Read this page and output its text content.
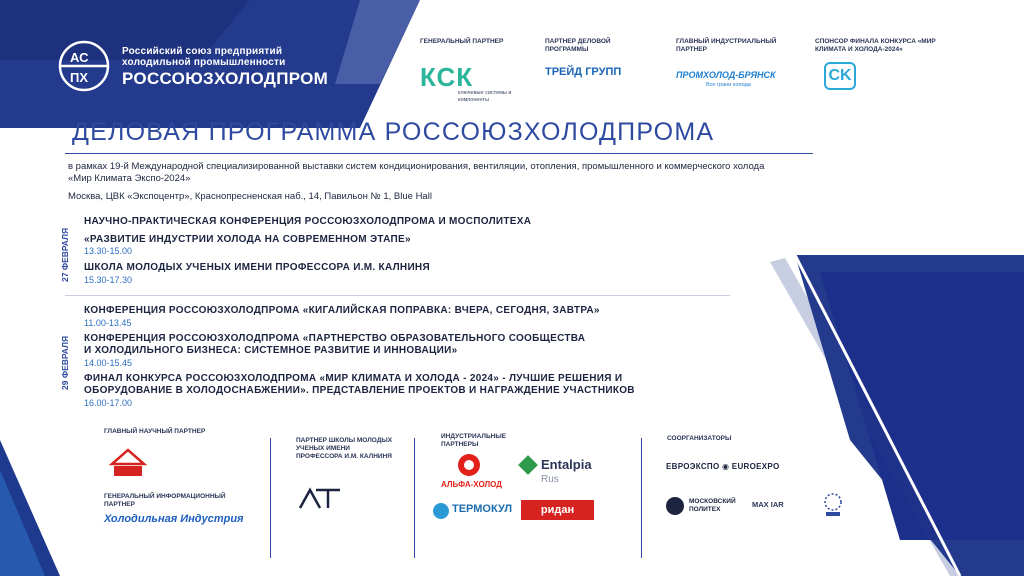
АС
ПХ
Российский союз предприятий холодильной промышленности
РОССОЮЗХОЛОДПРОМ
ГЕНЕРАЛЬНЫЙ ПАРТНЕР	ПАРТНЕР ДЕЛОВОЙ ПРОГРАММЫ
ГЛАВНЫЙ ИНДУСТРИАЛЬНЫЙ ПАРТНЕР
СПОНСОР ФИНАЛА КОНКУРСА «МИР КЛИМАТА И ХОЛОДА-2024»
КСК
ключевые системы и компоненты
ТРЕЙД ГРУПП	ПРОМХОЛОД-БРЯНСК
Все грани холода
CK
ДЕЛОВАЯ ПРОГРАММА РОССОЮЗХОЛОДПРОМА
в рамках 19-й Международной специализированной выставки систем кондиционирования, вентиляции, отопления, промышленного и коммерческого холода «Мир Климата Экспо-2024»
Москва, ЦВК «Экспоцентр», Краснопресненская наб., 14, Павильон № 1, Blue Hall
27 ФЕВРАЛЯ
НАУЧНО-ПРАКТИЧЕСКАЯ КОНФЕРЕНЦИЯ РОССОЮЗХОЛОДПРОМА И МОСПОЛИТЕХА
«РАЗВИТИЕ ИНДУСТРИИ ХОЛОДА НА СОВРЕМЕННОМ ЭТАПЕ»
13.30-15.00
ШКОЛА МОЛОДЫХ УЧЕНЫХ ИМЕНИ ПРОФЕССОРА И.М. КАЛНИНЯ
15.30-17.30
29 ФЕВРАЛЯ
КОНФЕРЕНЦИЯ РОССОЮЗХОЛОДПРОМА «КИГАЛИЙСКАЯ ПОПРАВКА: ВЧЕРА, СЕГОДНЯ, ЗАВТРА»
11.00-13.45
КОНФЕРЕНЦИЯ РОССОЮЗХОЛОДПРОМА «ПАРТНЕРСТВО ОБРАЗОВАТЕЛЬНОГО СООБЩЕСТВА
И ХОЛОДИЛЬНОГО БИЗНЕСА: СИСТЕМНОЕ РАЗВИТИЕ И ИННОВАЦИИ»
14.00-15.45
ФИНАЛ КОНКУРСА РОССОЮЗХОЛОДПРОМА «МИР КЛИМАТА И ХОЛОДА - 2024» - ЛУЧШИЕ РЕШЕНИЯ И
ОБОРУДОВАНИЕ В ХОЛОДОСНАБЖЕНИИ». ПРЕДСТАВЛЕНИЕ ПРОЕКТОВ И НАГРАЖДЕНИЕ УЧАСТНИКОВ
16.00-17.00
ГЛАВНЫЙ НАУЧНЫЙ ПАРТНЕР
ГЕНЕРАЛЬНЫЙ ИНФОРМАЦИОННЫЙ ПАРТНЕР
Холодильная Индустрия
ПАРТНЕР ШКОЛЫ МОЛОДЫХ УЧЕНЫХ ИМЕНИ ПРОФЕССОРА И.М. КАЛНИНЯ
ИНДУСТРИАЛЬНЫЕ ПАРТНЕРЫ
АЛЬФА-ХОЛОД
Entalpia
Rus
ТЕРМОКУЛ	ридан
СООРГАНИЗАТОРЫ
ЕВРОЭКСПО ◉ EUROEXPO
МОСКОВСКИЙ ПОЛИТЕХ
MAX IAR
